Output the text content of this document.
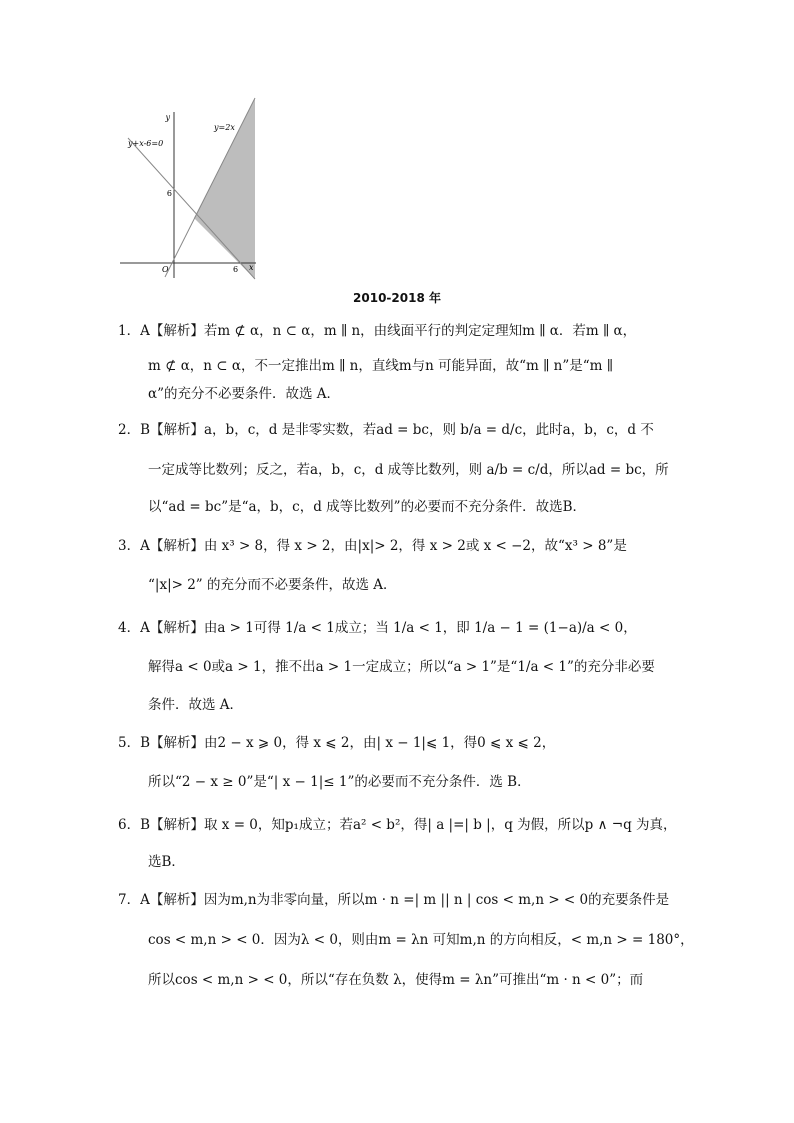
y
x
O	6
6
y+x-6=0
y=2x
2010-2018 年
1．A【解析】若m ⊄ α，n ⊂ α，m ∥ n，由线面平行的判定定理知m ∥ α．若m ∥ α，
m ⊄ α，n ⊂ α，不一定推出m ∥ n，直线m与n 可能异面，故“m ∥ n”是“m ∥
α”的充分不必要条件．故选 A．
2．B【解析】a，b，c，d 是非零实数，若ad = bc，则 b/a = d/c，此时a，b，c，d 不
一定成等比数列；反之，若a，b，c，d 成等比数列，则 a/b = c/d，所以ad = bc，所
以“ad = bc”是“a，b，c，d 成等比数列”的必要而不充分条件．故选B．
3．A【解析】由 x³ > 8，得 x > 2，由|x|> 2，得 x > 2或 x < −2，故“x³ > 8”是
“|x|> 2” 的充分而不必要条件，故选 A．
4．A【解析】由a > 1可得 1/a < 1成立；当 1/a < 1，即 1/a − 1 = (1−a)/a < 0，
解得a < 0或a > 1，推不出a > 1一定成立；所以“a > 1”是“1/a < 1”的充分非必要
条件．故选 A．
5．B【解析】由2 − x ⩾ 0，得 x ⩽ 2，由| x − 1|⩽ 1，得0 ⩽ x ⩽ 2，
所以“2 − x ≥ 0”是“| x − 1|≤ 1”的必要而不充分条件．选 B．
6．B【解析】取 x = 0，知p₁成立；若a² < b²，得| a |=| b |，q 为假，所以p ∧ ¬q 为真，
选B．
7．A【解析】因为m,n为非零向量，所以m · n =| m || n | cos < m,n > < 0的充要条件是
cos < m,n > < 0．因为λ < 0，则由m = λn 可知m,n 的方向相反，< m,n > = 180°，
所以cos < m,n > < 0，所以“存在负数 λ，使得m = λn”可推出“m · n < 0”；而
